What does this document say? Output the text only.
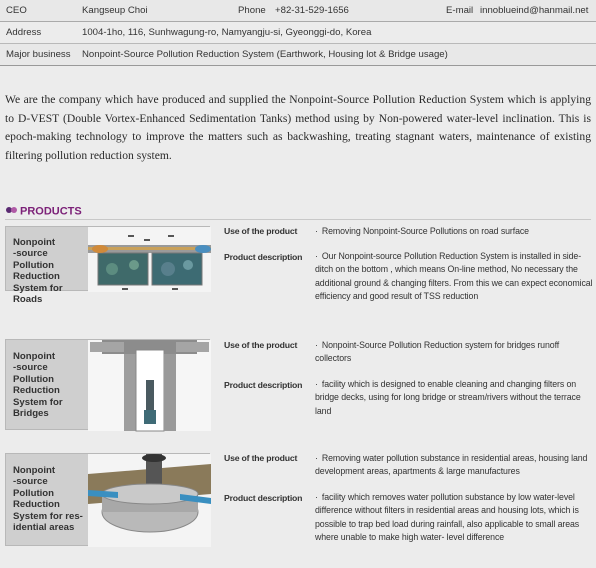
CEO	Kangseup Choi	Phone +82-31-529-1656	E-mail innoblueind@hanmail.net
Address	1004-1ho, 116, Sunhwagung-ro, Namyangju-si, Gyeonggi-do, Korea
Major business Nonpoint-Source Pollution Reduction System (Earthwork, Housing lot & Bridge usage)

We are the company which have produced and supplied the Nonpoint-Source Pollution Reduction System which is applying to D-VEST (Double Vortex-Enhanced Sedimentation Tanks) method using by Non-powered water-level inclination. This is epoch-making technology to improve the matters such as backwashing, treating stagnant waters, maintenance of existing filtering pollution reduction system.

PRODUCTS
Nonpoint
-source
Pollution
Reduction
System for
Roads
Use of the product · Removing Nonpoint-Source Pollutions on road surface
Product description · Our Nonpoint-source Pollution Reduction System is installed in side-ditch on the bottom , which means On-line method, No necessary the additional ground & changing filters. From this we can expect economical efficiency and good result of TSS reduction
Nonpoint
-source
Pollution
Reduction
System for
Bridges
Use of the product · Nonpoint-Source Pollution Reduction system for bridges runoff collectors
Product description · facility which is designed to enable cleaning and changing filters on bridge decks, using for long bridge or stream/rivers without the terrace land
Nonpoint
-source
Pollution
Reduction
System for res-
idential areas
Use of the product · Removing water pollution substance in residential areas, housing land development areas, apartments & large manufactures
Product description · facility which removes water pollution substance by low water-level difference without filters in residential areas and housing lots, which is possible to trap bed load during rainfall, also applicable to small areas where unable to make high water- level difference
